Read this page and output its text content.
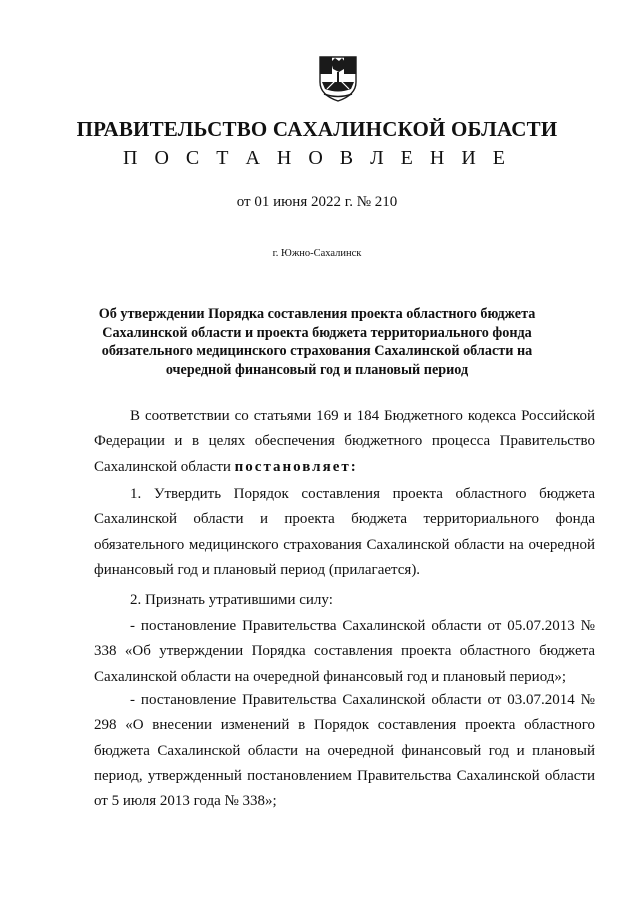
ПРАВИТЕЛЬСТВО САХАЛИНСКОЙ ОБЛАСТИ
П О С Т А Н О В Л Е Н И Е
от 01 июня 2022 г. № 210
г. Южно-Сахалинск
Об утверждении Порядка составления проекта областного бюджета Сахалинской области и проекта бюджета территориального фонда обязательного медицинского страхования Сахалинской области на очередной финансовый год и плановый период

В соответствии со статьями 169 и 184 Бюджетного кодекса Российской Федерации и в целях обеспечения бюджетного процесса Правительство Сахалинской области постановляет:

1. Утвердить Порядок составления проекта областного бюджета Сахалинской области и проекта бюджета территориального фонда обязательного медицинского страхования Сахалинской области на очередной финансовый год и плановый период (прилагается).

2. Признать утратившими силу:

- постановление Правительства Сахалинской области от 05.07.2013 № 338 «Об утверждении Порядка составления проекта областного бюджета Сахалинской области на очередной финансовый год и плановый период»;

- постановление Правительства Сахалинской области от 03.07.2014 № 298 «О внесении изменений в Порядок составления проекта областного бюджета Сахалинской области на очередной финансовый год и плановый период, утвержденный постановлением Правительства Сахалинской области от 5 июля 2013 года № 338»;
